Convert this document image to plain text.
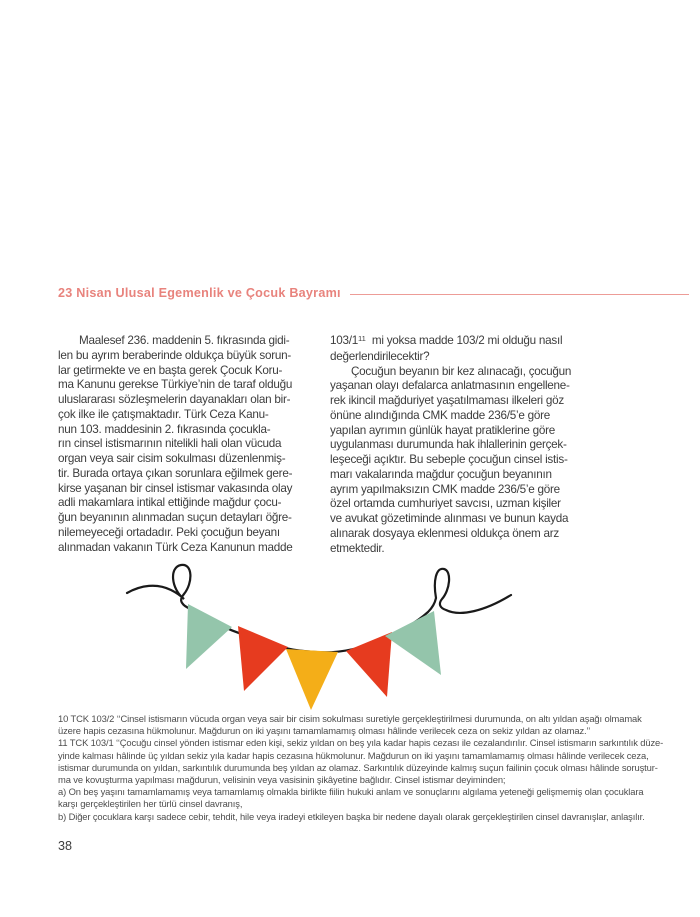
23 Nisan Ulusal Egemenlik ve Çocuk Bayramı
Maalesef 236. maddenin 5. fıkrasında gidi-
len bu ayrım beraberinde oldukça büyük sorun-
lar getirmekte ve en başta gerek Çocuk Koru-
ma Kanunu gerekse Türkiye’nin de taraf olduğu
uluslararası sözleşmelerin dayanakları olan bir-
çok ilke ile çatışmaktadır. Türk Ceza Kanu-
nun 103. maddesinin 2. fıkrasında çocukla-
rın cinsel istismarının nitelikli hali olan vücuda
organ veya sair cisim sokulması düzenlenmiş-
tir. Burada ortaya çıkan sorunlara eğilmek gere-
kirse yaşanan bir cinsel istismar vakasında olay
adli makamlara intikal ettiğinde mağdur çocu-
ğun beyanının alınmadan suçun detayları öğre-
nilemeyeceği ortadadır. Peki çocuğun beyanı
alınmadan vakanın Türk Ceza Kanunun madde
103/1$^{11}$  mi yoksa madde 103/2 mi olduğu nasıl
değerlendirilecektir?
Çocuğun beyanın bir kez alınacağı, çocuğun
yaşanan olayı defalarca anlatmasının engellene-
rek ikincil mağduriyet yaşatılmaması ilkeleri göz
önüne alındığında CMK madde 236/5’e göre
yapılan ayrımın günlük hayat pratiklerine göre
uygulanması durumunda hak ihlallerinin gerçek-
leşeceği açıktır. Bu sebeple çocuğun cinsel istis-
marı vakalarında mağdur çocuğun beyanının
ayrım yapılmaksızın CMK madde 236/5’e göre
özel ortamda cumhuriyet savcısı, uzman kişiler
ve avukat gözetiminde alınması ve bunun kayda
alınarak dosyaya eklenmesi oldukça önem arz
etmektedir.
10 TCK 103/2 ‘‘Cinsel istismarın vücuda organ veya sair bir cisim sokulması suretiyle gerçekleştirilmesi durumunda, on altı yıldan aşağı olmamak
üzere hapis cezasına hükmolunur. Mağdurun on iki yaşını tamamlamamış olması hâlinde verilecek ceza on sekiz yıldan az olamaz.’’
11 TCK 103/1 ‘‘Çocuğu cinsel yönden istismar eden kişi, sekiz yıldan on beş yıla kadar hapis cezası ile cezalandırılır. Cinsel istismarın sarkıntılık düze-
yinde kalması hâlinde üç yıldan sekiz yıla kadar hapis cezasına hükmolunur. Mağdurun on iki yaşını tamamlamamış olması hâlinde verilecek ceza,
istismar durumunda on yıldan, sarkıntılık durumunda beş yıldan az olamaz. Sarkıntılık düzeyinde kalmış suçun failinin çocuk olması hâlinde soruştur-
ma ve kovuşturma yapılması mağdurun, velisinin veya vasisinin şikâyetine bağlıdır. Cinsel istismar deyiminden;
a) On beş yaşını tamamlamamış veya tamamlamış olmakla birlikte fiilin hukuki anlam ve sonuçlarını algılama yeteneği gelişmemiş olan çocuklara
karşı gerçekleştirilen her türlü cinsel davranış,
b) Diğer çocuklara karşı sadece cebir, tehdit, hile veya iradeyi etkileyen başka bir nedene dayalı olarak gerçekleştirilen cinsel davranışlar, anlaşılır.
38
